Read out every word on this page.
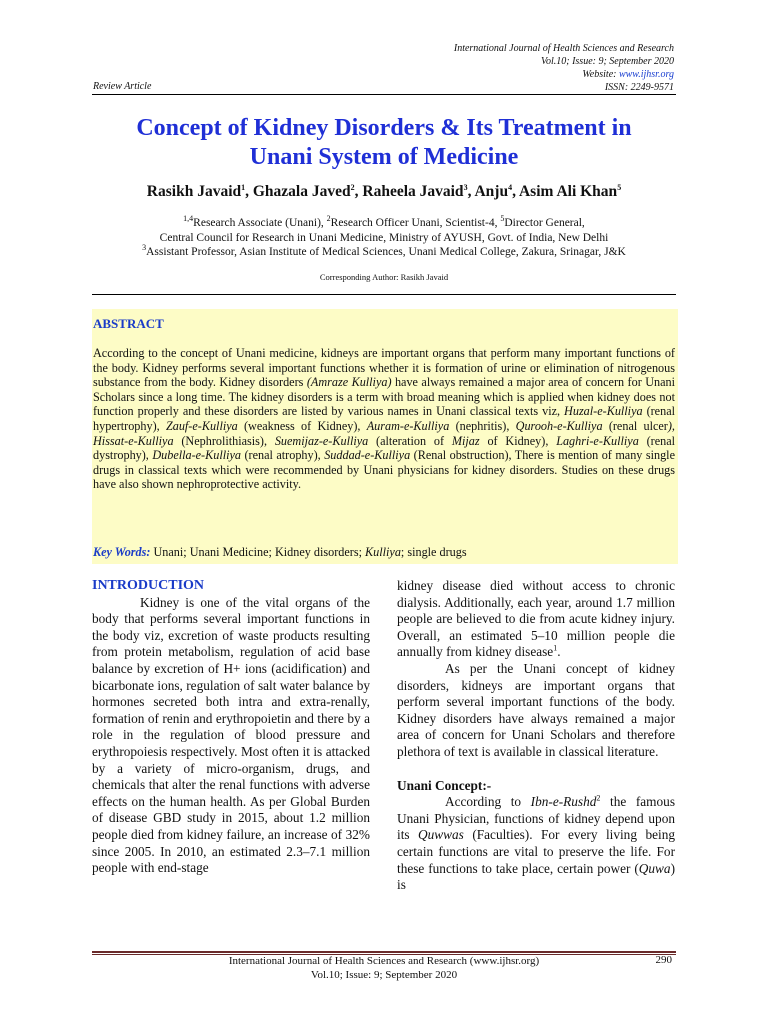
International Journal of Health Sciences and Research
Vol.10; Issue: 9; September 2020
Website: www.ijhsr.org
ISSN: 2249-9571
Review Article
Concept of Kidney Disorders & Its Treatment in
Unani System of Medicine
Rasikh Javaid$^1$, Ghazala Javed$^2$, Raheela Javaid$^3$, Anju$^4$, Asim Ali Khan$^5$
$^{1,4}$Research Associate (Unani), $^2$Research Officer Unani, Scientist-4, $^5$Director General,
Central Council for Research in Unani Medicine, Ministry of AYUSH, Govt. of India, New Delhi
$^3$Assistant Professor, Asian Institute of Medical Sciences, Unani Medical College, Zakura, Srinagar, J&K
Corresponding Author: Rasikh Javaid
ABSTRACT
According to the concept of Unani medicine, kidneys are important organs that perform many important functions of the body. Kidney performs several important functions whether it is formation of urine or elimination of nitrogenous substance from the body. Kidney disorders (Amraze Kulliya) have always remained a major area of concern for Unani Scholars since a long time. The kidney disorders is a term with broad meaning which is applied when kidney does not function properly and these disorders are listed by various names in Unani classical texts viz, Huzal-e-Kulliya (renal hypertrophy), Zauf-e-Kulliya (weakness of Kidney), Auram-e-Kulliya (nephritis), Qurooh-e-Kulliya (renal ulcer), Hissat-e-Kulliya (Nephrolithiasis), Suemijaz-e-Kulliya (alteration of Mijaz of Kidney), Laghri-e-Kulliya (renal dystrophy), Dubella-e-Kulliya (renal atrophy), Suddad-e-Kulliya (Renal obstruction), There is mention of many single drugs in classical texts which were recommended by Unani physicians for kidney disorders. Studies on these drugs have also shown nephroprotective activity.
Key Words: Unani; Unani Medicine; Kidney disorders; Kulliya; single drugs
INTRODUCTION

Kidney is one of the vital organs of the body that performs several important functions in the body viz, excretion of waste products resulting from protein metabolism, regulation of acid base balance by excretion of H+ ions (acidification) and bicarbonate ions, regulation of salt water balance by hormones secreted both intra and extra-renally, formation of renin and erythropoietin and there by a role in the regulation of blood pressure and erythropoiesis respectively. Most often it is attacked by a variety of micro-organism, drugs, and chemicals that alter the renal functions with adverse effects on the human health. As per Global Burden of disease GBD study in 2015, about 1.2 million people died from kidney failure, an increase of 32% since 2005. In 2010, an estimated 2.3–7.1 million people with end-stage

kidney disease died without access to chronic dialysis. Additionally, each year, around 1.7 million people are believed to die from acute kidney injury. Overall, an estimated 5–10 million people die annually from kidney disease$^1$.

As per the Unani concept of kidney disorders, kidneys are important organs that perform several important functions of the body. Kidney disorders have always remained a major area of concern for Unani Scholars and therefore plethora of text is available in classical literature.

Unani Concept:-

According to Ibn-e-Rushd$^2$ the famous Unani Physician, functions of kidney depend upon its Quwwas (Faculties). For every living being certain functions are vital to preserve the life. For these functions to take place, certain power (Quwa) is

International Journal of Health Sciences and Research (www.ijhsr.org)
Vol.10; Issue: 9; September 2020
290
